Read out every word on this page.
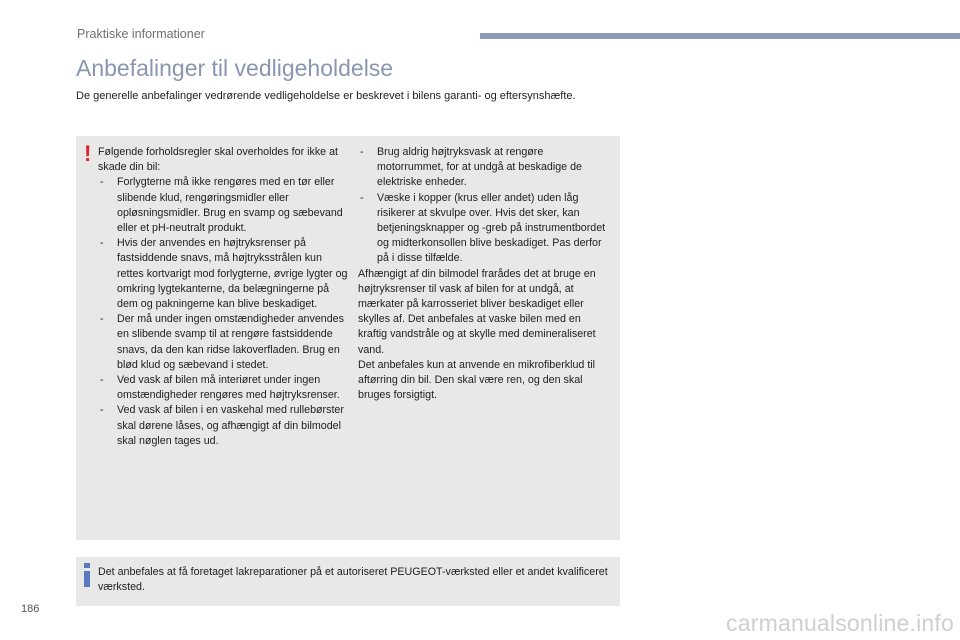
Praktiske informationer
Anbefalinger til vedligeholdelse

De generelle anbefalinger vedrørende vedligeholdelse er beskrevet i bilens garanti- og eftersynshæfte.

! Følgende forholdsregler skal overholdes for ikke at skade din bil:

- Forlygterne må ikke rengøres med en tør eller slibende klud, rengøringsmidler eller opløsningsmidler. Brug en svamp og sæbevand eller et pH-neutralt produkt.
- Hvis der anvendes en højtryksrenser på fastsiddende snavs, må højtryksstrålen kun rettes kortvarigt mod forlygterne, øvrige lygter og omkring lygtekanterne, da belægningerne på dem og pakningerne kan blive beskadiget.
- Der må under ingen omstændigheder anvendes en slibende svamp til at rengøre fastsiddende snavs, da den kan ridse lakoverfladen. Brug en blød klud og sæbevand i stedet.
- Ved vask af bilen må interiøret under ingen omstændigheder rengøres med højtryksrenser.
- Ved vask af bilen i en vaskehal med rullebørster skal dørene låses, og afhængigt af din bilmodel skal nøglen tages ud.
- Brug aldrig højtryksvask at rengøre motorrummet, for at undgå at beskadige de elektriske enheder.
- Væske i kopper (krus eller andet) uden låg risikerer at skvulpe over. Hvis det sker, kan betjeningsknapper og -greb på instrumentbordet og midterkonsollen blive beskadiget. Pas derfor på i disse tilfælde.

Afhængigt af din bilmodel frarådes det at bruge en højtryksrenser til vask af bilen for at undgå, at mærkater på karrosseriet bliver beskadiget eller skylles af. Det anbefales at vaske bilen med en kraftig vandstråle og at skylle med demineraliseret vand.

Det anbefales kun at anvende en mikrofiberklud til aftørring din bil. Den skal være ren, og den skal bruges forsigtigt.

Det anbefales at få foretaget lakreparationer på et autoriseret PEUGEOT-værksted eller et andet kvalificeret værksted.

186
carmanualsonline.info
